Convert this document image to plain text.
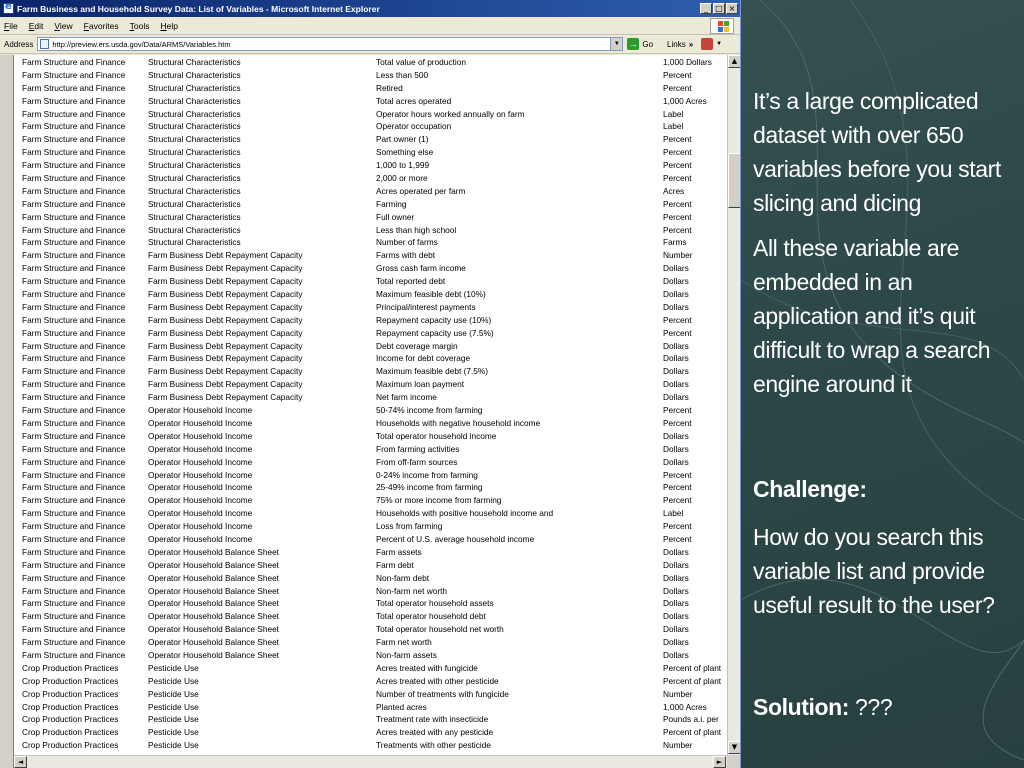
e
Farm Business and Household Survey Data: List of Variables - Microsoft Internet Explorer	_ □ ×
File Edit View Favorites Tools Help
Address	http://preview.ers.usda.gov/Data/ARMS/Variables.htm	▼ → Go Links »	▼
Farm Structure and Finance	Structural Characteristics	Total value of production	1,000 Dollars
Farm Structure and Finance	Structural Characteristics	Less than 500	Percent
Farm Structure and Finance	Structural Characteristics	Retired	Percent
Farm Structure and Finance	Structural Characteristics	Total acres operated	1,000 Acres
Farm Structure and Finance	Structural Characteristics	Operator hours worked annually on farm	Label
Farm Structure and Finance	Structural Characteristics	Operator occupation	Label
Farm Structure and Finance	Structural Characteristics	Part owner (1)	Percent
Farm Structure and Finance	Structural Characteristics	Something else	Percent
Farm Structure and Finance	Structural Characteristics	1,000 to 1,999	Percent
Farm Structure and Finance	Structural Characteristics	2,000 or more	Percent
Farm Structure and Finance	Structural Characteristics	Acres operated per farm	Acres
Farm Structure and Finance	Structural Characteristics	Farming	Percent
Farm Structure and Finance	Structural Characteristics	Full owner	Percent
Farm Structure and Finance	Structural Characteristics	Less than high school	Percent
Farm Structure and Finance	Structural Characteristics	Number of farms	Farms
Farm Structure and Finance	Farm Business Debt Repayment Capacity	Farms with debt	Number
Farm Structure and Finance	Farm Business Debt Repayment Capacity	Gross cash farm income	Dollars
Farm Structure and Finance	Farm Business Debt Repayment Capacity	Total reported debt	Dollars
Farm Structure and Finance	Farm Business Debt Repayment Capacity	Maximum feasible debt (10%)	Dollars
Farm Structure and Finance	Farm Business Debt Repayment Capacity	Principal/interest payments	Dollars
Farm Structure and Finance	Farm Business Debt Repayment Capacity	Repayment capacity use (10%)	Percent
Farm Structure and Finance	Farm Business Debt Repayment Capacity	Repayment capacity use (7.5%)	Percent
Farm Structure and Finance	Farm Business Debt Repayment Capacity	Debt coverage margin	Dollars
Farm Structure and Finance	Farm Business Debt Repayment Capacity	Income for debt coverage	Dollars
Farm Structure and Finance	Farm Business Debt Repayment Capacity	Maximum feasible debt (7.5%)	Dollars
Farm Structure and Finance	Farm Business Debt Repayment Capacity	Maximum loan payment	Dollars
Farm Structure and Finance	Farm Business Debt Repayment Capacity	Net farm income	Dollars
Farm Structure and Finance	Operator Household Income	50-74% income from farming	Percent
Farm Structure and Finance	Operator Household Income	Households with negative household income	Percent
Farm Structure and Finance	Operator Household Income	Total operator household income	Dollars
Farm Structure and Finance	Operator Household Income	From farming activities	Dollars
Farm Structure and Finance	Operator Household Income	From off-farm sources	Dollars
Farm Structure and Finance	Operator Household Income	0-24% income from farming	Percent
Farm Structure and Finance	Operator Household Income	25-49% income from farming	Percent
Farm Structure and Finance	Operator Household Income	75% or more income from farming	Percent
Farm Structure and Finance	Operator Household Income	Households with positive household income and	Label
Farm Structure and Finance	Operator Household Income	Loss from farming	Percent
Farm Structure and Finance	Operator Household Income	Percent of U.S. average household income	Percent
Farm Structure and Finance	Operator Household Balance Sheet	Farm assets	Dollars
Farm Structure and Finance	Operator Household Balance Sheet	Farm debt	Dollars
Farm Structure and Finance	Operator Household Balance Sheet	Non-farm debt	Dollars
Farm Structure and Finance	Operator Household Balance Sheet	Non-farm net worth	Dollars
Farm Structure and Finance	Operator Household Balance Sheet	Total operator household assets	Dollars
Farm Structure and Finance	Operator Household Balance Sheet	Total operator household debt	Dollars
Farm Structure and Finance	Operator Household Balance Sheet	Total operator household net worth	Dollars
Farm Structure and Finance	Operator Household Balance Sheet	Farm net worth	Dollars
Farm Structure and Finance	Operator Household Balance Sheet	Non-farm assets	Dollars
Crop Production Practices	Pesticide Use	Acres treated with fungicide	Percent of plant
Crop Production Practices	Pesticide Use	Acres treated with other pesticide	Percent of plant
Crop Production Practices	Pesticide Use	Number of treatments with fungicide	Number
Crop Production Practices	Pesticide Use	Planted acres	1,000 Acres
Crop Production Practices	Pesticide Use	Treatment rate with insecticide	Pounds a.i. per
Crop Production Practices	Pesticide Use	Acres treated with any pesticide	Percent of plant
Crop Production Practices	Pesticide Use	Treatments with other pesticide	Number
▲
▼
◄	►

It’s a large complicated dataset with over 650 variables before you start slicing and dicing

All these variable are embedded in an application and it’s quit difficult to wrap a search engine around it

Challenge:

How do you search this variable list and provide useful result to the user?

Solution: ???
